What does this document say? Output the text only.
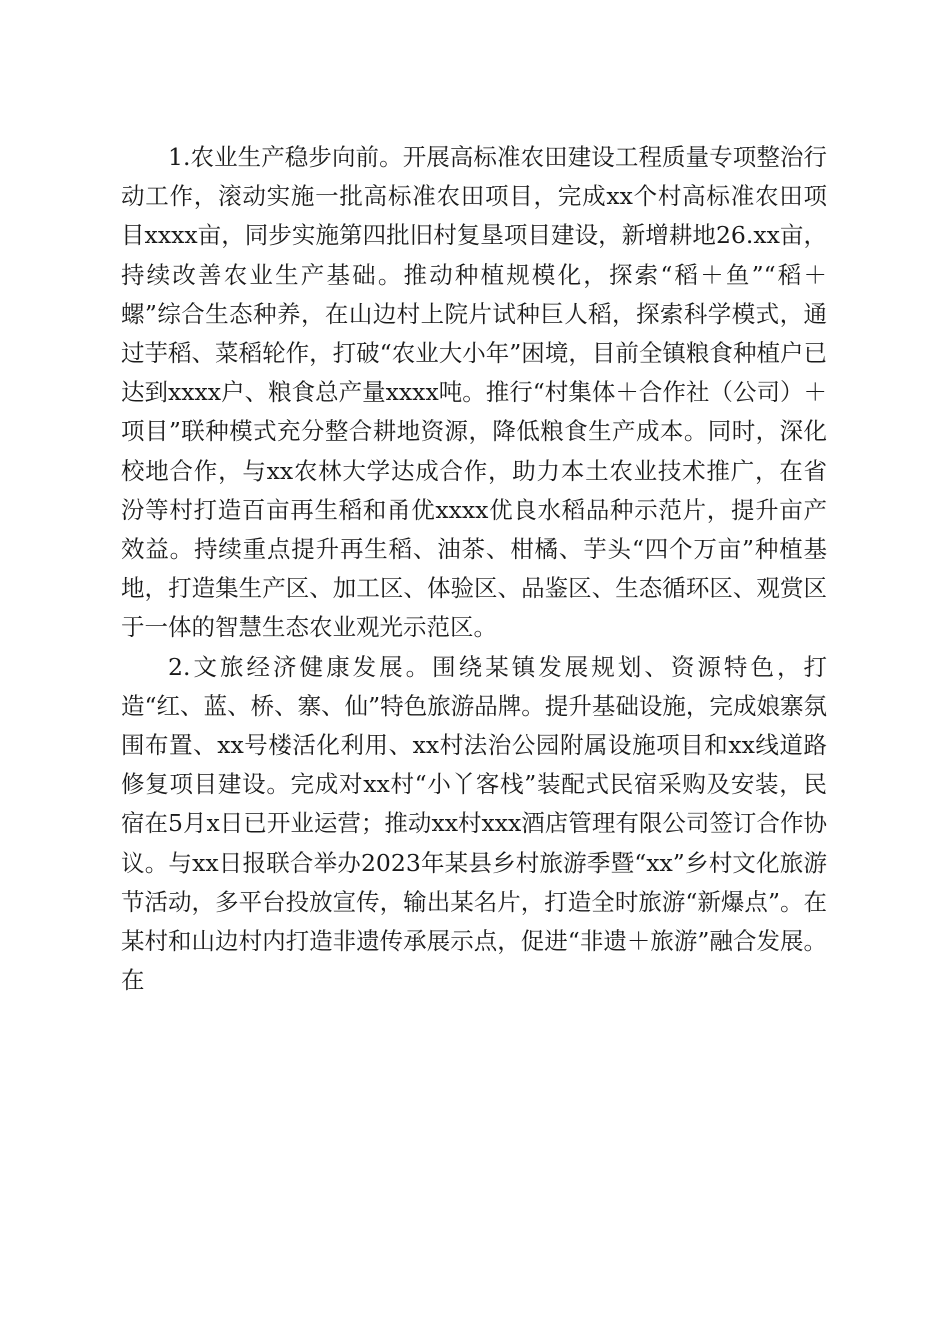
1.农业生产稳步向前。开展高标准农田建设工程质量专项整治行动工作，滚动实施一批高标准农田项目，完成xx个村高标准农田项目xxxx亩，同步实施第四批旧村复垦项目建设，新增耕地26.xx亩，持续改善农业生产基础。推动种植规模化，探索“稻＋鱼”“稻＋螺”综合生态种养，在山边村上院片试种巨人稻，探索科学模式，通过芋稻、菜稻轮作，打破“农业大小年”困境，目前全镇粮食种植户已达到xxxx户、粮食总产量xxxx吨。推行“村集体＋合作社（公司）＋项目”联种模式充分整合耕地资源，降低粮食生产成本。同时，深化校地合作，与xx农林大学达成合作，助力本土农业技术推广，在省汾等村打造百亩再生稻和甬优xxxx优良水稻品种示范片，提升亩产效益。持续重点提升再生稻、油茶、柑橘、芋头“四个万亩”种植基地，打造集生产区、加工区、体验区、品鉴区、生态循环区、观赏区于一体的智慧生态农业观光示范区。

2.文旅经济健康发展。围绕某镇发展规划、资源特色，打造“红、蓝、桥、寨、仙”特色旅游品牌。提升基础设施，完成娘寨氛围布置、xx号楼活化利用、xx村法治公园附属设施项目和xx线道路修复项目建设。完成对xx村“小丫客栈”装配式民宿采购及安装，民宿在5月x日已开业运营；推动xx村xxx酒店管理有限公司签订合作协议。与xx日报联合举办2023年某县乡村旅游季暨“xx”乡村文化旅游节活动，多平台投放宣传，输出某名片，打造全时旅游“新爆点”。在某村和山边村内打造非遗传承展示点，促进“非遗＋旅游”融合发展。在
